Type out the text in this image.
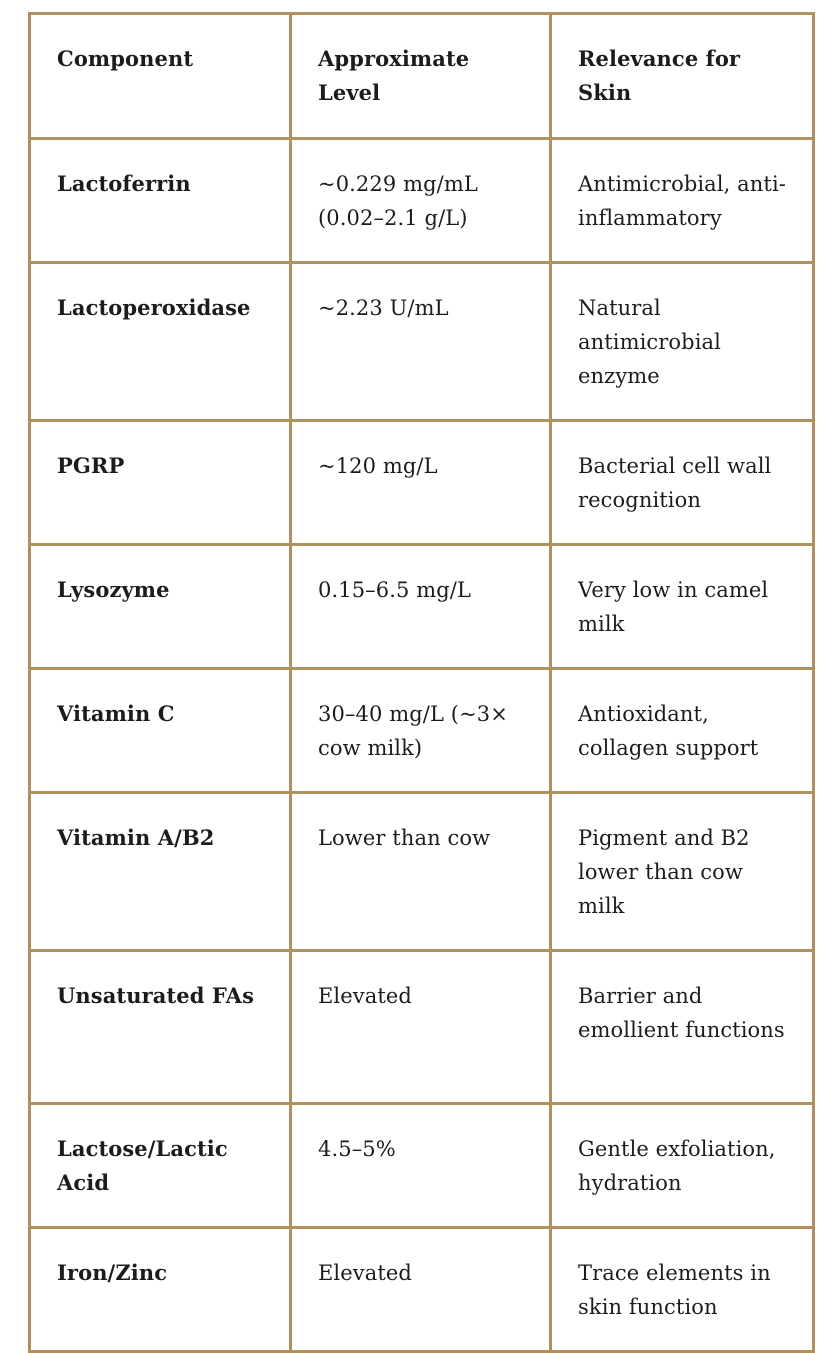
Component	Approximate Level	Relevance for Skin
Lactoferrin	~0.229 mg/mL (0.02–2.1 g/L)	Antimicrobial, anti-inflammatory
Lactoperoxidase	~2.23 U/mL	Natural antimicrobial enzyme
PGRP	~120 mg/L	Bacterial cell wall recognition
Lysozyme	0.15–6.5 mg/L	Very low in camel milk
Vitamin C	30–40 mg/L (~3× cow milk)	Antioxidant, collagen support
Vitamin A/B2	Lower than cow	Pigment and B2 lower than cow milk
Unsaturated FAs	Elevated	Barrier and emollient functions
Lactose/Lactic Acid	4.5–5%	Gentle exfoliation, hydration
Iron/Zinc	Elevated	Trace elements in skin function
